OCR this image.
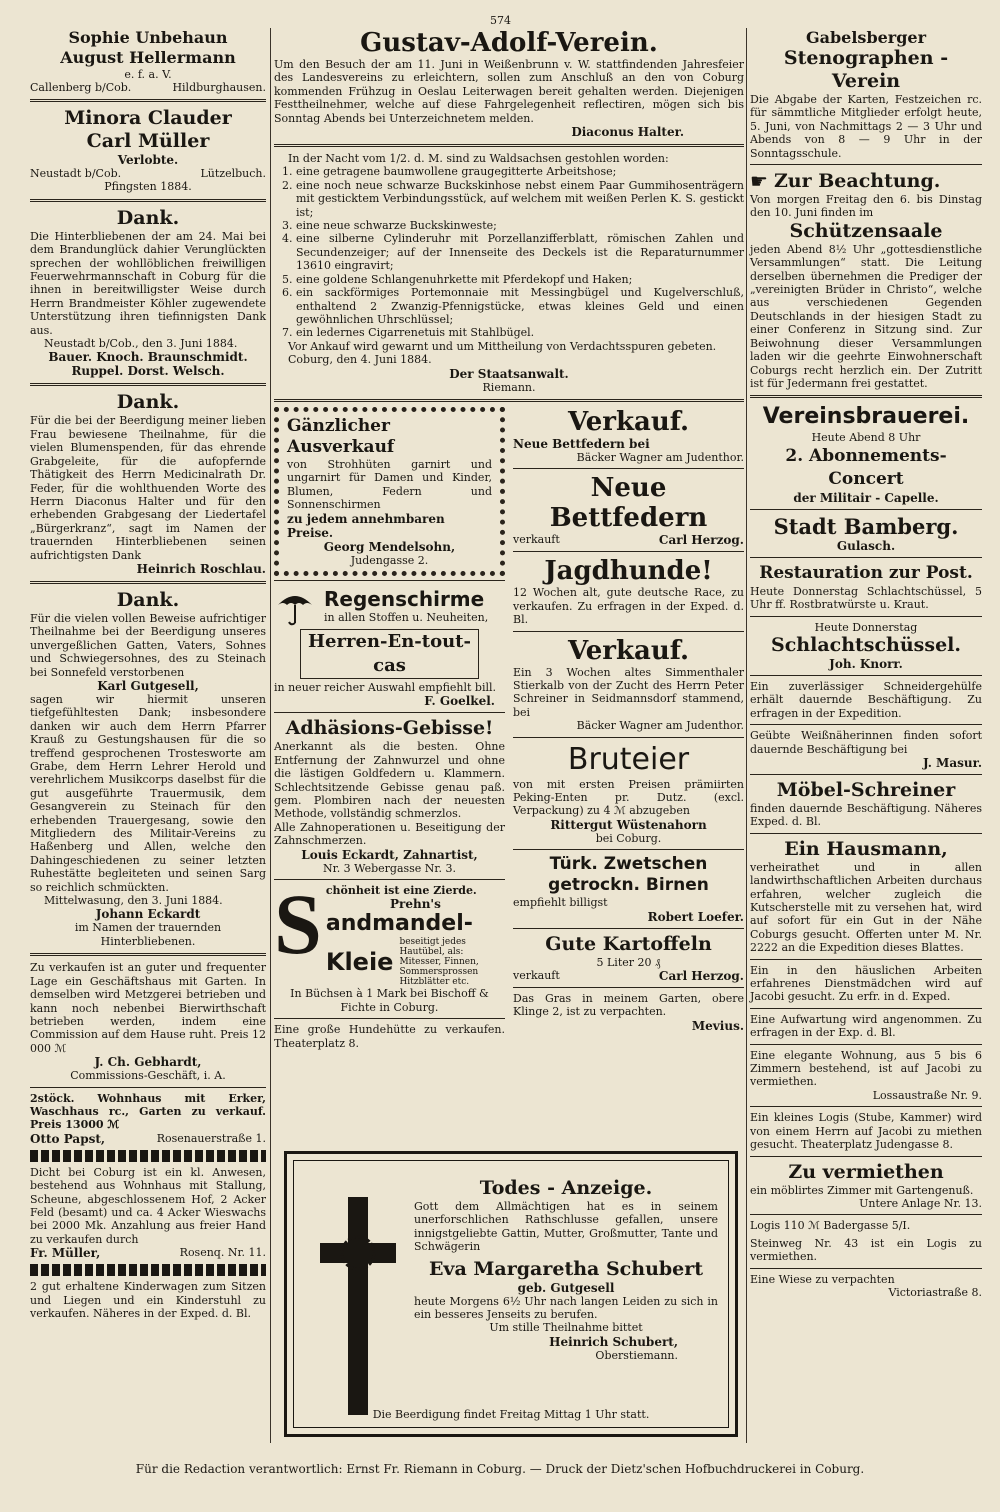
574
Sophie Unbehaun
August Hellermann
e. f. a. V.
Callenberg b/Cob.	Hildburghausen.
Minora Clauder
Carl Müller
Verlobte.
Neustadt b/Cob.	Lützelbuch.
Pfingsten 1884.
Dank.

Die Hinterbliebenen der am 24. Mai bei dem Brandunglück dahier Verunglückten sprechen der wohllöblichen freiwilligen Feuerwehrmannschaft in Coburg für die ihnen in bereitwilligster Weise durch Herrn Brandmeister Köhler zugewendete Unterstützung ihren tiefinnigsten Dank aus.

Neustadt b/Cob., den 3. Juni 1884.

Bauer. Knoch. Braunschmidt.

Ruppel. Dorst. Welsch.

Dank.

Für die bei der Beerdigung meiner lieben Frau bewiesene Theilnahme, für die vielen Blumenspenden, für das ehrende Grabgeleite, für die aufopfernde Thätigkeit des Herrn Medicinalrath Dr. Feder, für die wohlthuenden Worte des Herrn Diaconus Halter und für den erhebenden Grabgesang der Liedertafel „Bürgerkranz“, sagt im Namen der trauernden Hinterbliebenen seinen aufrichtigsten Dank

Heinrich Roschlau.

Dank.

Für die vielen vollen Beweise aufrichtiger Theilnahme bei der Beerdigung unseres unvergeßlichen Gatten, Vaters, Sohnes und Schwiegersohnes, des zu Steinach bei Sonnefeld verstorbenen

Karl Gutgesell,

sagen wir hiermit unseren tiefgefühltesten Dank; insbesondere danken wir auch dem Herrn Pfarrer Krauß zu Gestungshausen für die so treffend gesprochenen Trostesworte am Grabe, dem Herrn Lehrer Herold und verehrlichem Musikcorps daselbst für die gut ausgeführte Trauermusik, dem Gesangverein zu Steinach für den erhebenden Trauergesang, sowie den Mitgliedern des Militair-Vereins zu Haßenberg und Allen, welche den Dahingeschiedenen zu seiner letzten Ruhestätte begleiteten und seinen Sarg so reichlich schmückten.

Mittelwasung, den 3. Juni 1884.

Johann Eckardt

im Namen der trauernden Hinterbliebenen.

Zu verkaufen ist an guter und frequenter Lage ein Geschäftshaus mit Garten. In demselben wird Metzgerei betrieben und kann noch nebenbei Bierwirthschaft betrieben werden, indem eine Commission auf dem Hause ruht. Preis 12 000 ℳ

J. Ch. Gebhardt,

Commissions-Geschäft, i. A.

2stöck. Wohnhaus mit Erker, Waschhaus rc., Garten zu verkauf. Preis 13000 ℳ

Otto Papst,	Rosenauerstraße 1.

Dicht bei Coburg ist ein kl. Anwesen, bestehend aus Wohnhaus mit Stallung, Scheune, abgeschlossenem Hof, 2 Acker Feld (besamt) und ca. 4 Acker Wieswachs bei 2000 Mk. Anzahlung aus freier Hand zu verkaufen durch

Fr. Müller,	Rosenq. Nr. 11.

2 gut erhaltene Kinderwagen zum Sitzen und Liegen und ein Kinderstuhl zu verkaufen. Näheres in der Exped. d. Bl.

Gustav-Adolf-Verein.

Um den Besuch der am 11. Juni in Weißenbrunn v. W. stattfindenden Jahresfeier des Landesvereins zu erleichtern, sollen zum Anschluß an den von Coburg kommenden Frühzug in Oeslau Leiterwagen bereit gehalten werden. Diejenigen Festtheilnehmer, welche auf diese Fahrgelegenheit reflectiren, mögen sich bis Sonntag Abends bei Unterzeichnetem melden.

Diaconus Halter.

In der Nacht vom 1/2. d. M. sind zu Waldsachsen gestohlen worden:

1. eine getragene baumwollene graugegitterte Arbeitshose;
2. eine noch neue schwarze Buckskinhose nebst einem Paar Gummihosenträgern mit gesticktem Verbindungsstück, auf welchem mit weißen Perlen K. S. gestickt ist;
3. eine neue schwarze Buckskinweste;
4. eine silberne Cylinderuhr mit Porzellanzifferblatt, römischen Zahlen und Secundenzeiger; auf der Innenseite des Deckels ist die Reparaturnummer 13610 eingravirt;
5. eine goldene Schlangenuhrkette mit Pferdekopf und Haken;
6. ein sackförmiges Portemonnaie mit Messingbügel und Kugelverschluß, enthaltend 2 Zwanzig-Pfennigstücke, etwas kleines Geld und einen gewöhnlichen Uhrschlüssel;
7. ein ledernes Cigarrenetuis mit Stahlbügel.

Vor Ankauf wird gewarnt und um Mittheilung von Verdachtsspuren gebeten.

Coburg, den 4. Juni 1884.

Der Staatsanwalt.

Riemann.

Gänzlicher Ausverkauf

von Strohhüten garnirt und ungarnirt für Damen und Kinder, Blumen, Federn und Sonnenschirmen

zu jedem annehmbaren Preise.

Georg Mendelsohn,

Judengasse 2.

Regenschirme
in allen Stoffen u. Neuheiten,
Herren-En-tout-cas

in neuer reicher Auswahl empfiehlt bill.

F. Goelkel.

Adhäsions-Gebisse!

Anerkannt als die besten. Ohne Entfernung der Zahnwurzel und ohne die lästigen Goldfedern u. Klammern. Schlechtsitzende Gebisse genau paß. gem. Plombiren nach der neuesten Methode, vollständig schmerzlos.

Alle Zahnoperationen u. Beseitigung der Zahnschmerzen.

Louis Eckardt, Zahnartist,

Nr. 3 Webergasse Nr. 3.

S chönheit ist eine Zierde.
Prehn's
andmandel-
Kleie
beseitigt jedes Hautübel, als: Mitesser, Finnen, Sommersprossen Hitzblätter etc.

In Büchsen à 1 Mark bei Bischoff & Fichte in Coburg.

Eine große Hundehütte zu verkaufen. Theaterplatz 8.

Verkauf.

Neue Bettfedern bei

Bäcker Wagner am Judenthor.

Neue Bettfedern
verkauft	Carl Herzog.
Jagdhunde!

12 Wochen alt, gute deutsche Race, zu verkaufen. Zu erfragen in der Exped. d. Bl.

Verkauf.

Ein 3 Wochen altes Simmenthaler Stierkalb von der Zucht des Herrn Peter Schreiner in Seidmannsdorf stammend, bei

Bäcker Wagner am Judenthor.

Bruteier

von mit ersten Preisen prämiirten Peking-Enten pr. Dutz. (excl. Verpackung) zu 4 ℳ abzugeben

Rittergut Wüstenahorn

bei Coburg.

Türk. Zwetschen
getrockn. Birnen

empfiehlt billigst

Robert Loefer.

Gute Kartoffeln

5 Liter 20 ₰

verkauft	Carl Herzog.

Das Gras in meinem Garten, obere Klinge 2, ist zu verpachten.

Mevius.

Todes - Anzeige.

Gott dem Allmächtigen hat es in seinem unerforschlichen Rathschlusse gefallen, unsere innigstgeliebte Gattin, Mutter, Großmutter, Tante und Schwägerin

Eva Margaretha Schubert

geb. Gutgesell

heute Morgens 6½ Uhr nach langen Leiden zu sich in ein besseres Jenseits zu berufen.

Um stille Theilnahme bittet

Heinrich Schubert,

Oberstiemann.

Die Beerdigung findet Freitag Mittag 1 Uhr statt.

Gabelsberger
Stenographen - Verein

Die Abgabe der Karten, Festzeichen rc. für sämmtliche Mitglieder erfolgt heute, 5. Juni, von Nachmittags 2 — 3 Uhr und Abends von 8 — 9 Uhr in der Sonntagsschule.

☛ Zur Beachtung.

Von morgen Freitag den 6. bis Dinstag den 10. Juni finden im

Schützensaale

jeden Abend 8½ Uhr „gottesdienstliche Versammlungen“ statt. Die Leitung derselben übernehmen die Prediger der „vereinigten Brüder in Christo“, welche aus verschiedenen Gegenden Deutschlands in der hiesigen Stadt zu einer Conferenz in Sitzung sind. Zur Beiwohnung dieser Versammlungen laden wir die geehrte Einwohnerschaft Coburgs recht herzlich ein. Der Zutritt ist für Jedermann frei gestattet.

Vereinsbrauerei.

Heute Abend 8 Uhr

2. Abonnements-Concert

der Militair - Capelle.

Stadt Bamberg.

Gulasch.

Restauration zur Post.

Heute Donnerstag Schlachtschüssel, 5 Uhr ff. Rostbratwürste u. Kraut.

Heute Donnerstag

Schlachtschüssel.

Joh. Knorr.

Ein zuverlässiger Schneidergehülfe erhält dauernde Beschäftigung. Zu erfragen in der Expedition.

Geübte Weißnäherinnen finden sofort dauernde Beschäftigung bei

J. Masur.

Möbel-Schreiner

finden dauernde Beschäftigung. Näheres Exped. d. Bl.

Ein Hausmann,

verheirathet und in allen landwirthschaftlichen Arbeiten durchaus erfahren, welcher zugleich die Kutscherstelle mit zu versehen hat, wird auf sofort für ein Gut in der Nähe Coburgs gesucht. Offerten unter M. Nr. 2222 an die Expedition dieses Blattes.

Ein in den häuslichen Arbeiten erfahrenes Dienstmädchen wird auf Jacobi gesucht. Zu erfr. in d. Exped.

Eine Aufwartung wird angenommen. Zu erfragen in der Exp. d. Bl.

Eine elegante Wohnung, aus 5 bis 6 Zimmern bestehend, ist auf Jacobi zu vermiethen.

Lossaustraße Nr. 9.

Ein kleines Logis (Stube, Kammer) wird von einem Herrn auf Jacobi zu miethen gesucht. Theaterplatz Judengasse 8.

Zu vermiethen

ein möblirtes Zimmer mit Gartengenuß.

Untere Anlage Nr. 13.

Logis 110 ℳ Badergasse 5/I.

Steinweg Nr. 43 ist ein Logis zu vermiethen.

Eine Wiese zu verpachten

Victoriastraße 8.

Für die Redaction verantwortlich: Ernst Fr. Riemann in Coburg. — Druck der Dietz'schen Hofbuchdruckerei in Coburg.
